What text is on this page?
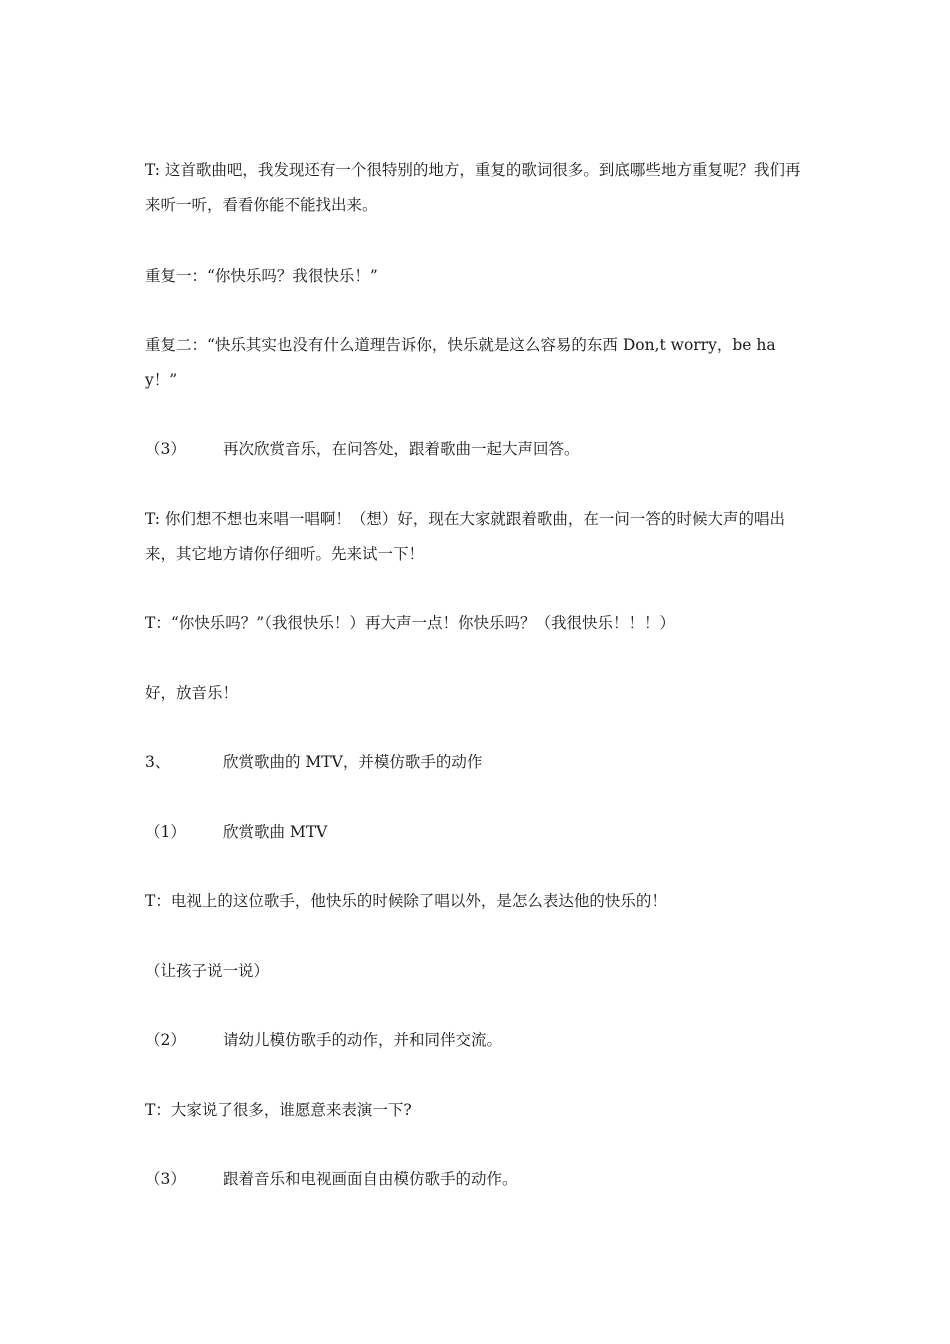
T: 这首歌曲吧，我发现还有一个很特别的地方，重复的歌词很多。到底哪些地方重复呢？我们再来听一听，看看你能不能找出来。

重复一：“你快乐吗？我很快乐！”

重复二：“快乐其实也没有什么道理告诉你，快乐就是这么容易的东西 Don,t worry，be ha y！”

（3） 再次欣赏音乐，在问答处，跟着歌曲一起大声回答。

T: 你们想不想也来唱一唱啊！（想）好，现在大家就跟着歌曲，在一问一答的时候大声的唱出来，其它地方请你仔细听。先来试一下！

T：“你快乐吗？”（我很快乐！）再大声一点！你快乐吗？（我很快乐！！！）

好，放音乐！

3、	欣赏歌曲的 MTV，并模仿歌手的动作

（1） 欣赏歌曲 MTV

T：电视上的这位歌手，他快乐的时候除了唱以外，是怎么表达他的快乐的！

（让孩子说一说）

（2） 请幼儿模仿歌手的动作，并和同伴交流。

T：大家说了很多，谁愿意来表演一下?

（3） 跟着音乐和电视画面自由模仿歌手的动作。
